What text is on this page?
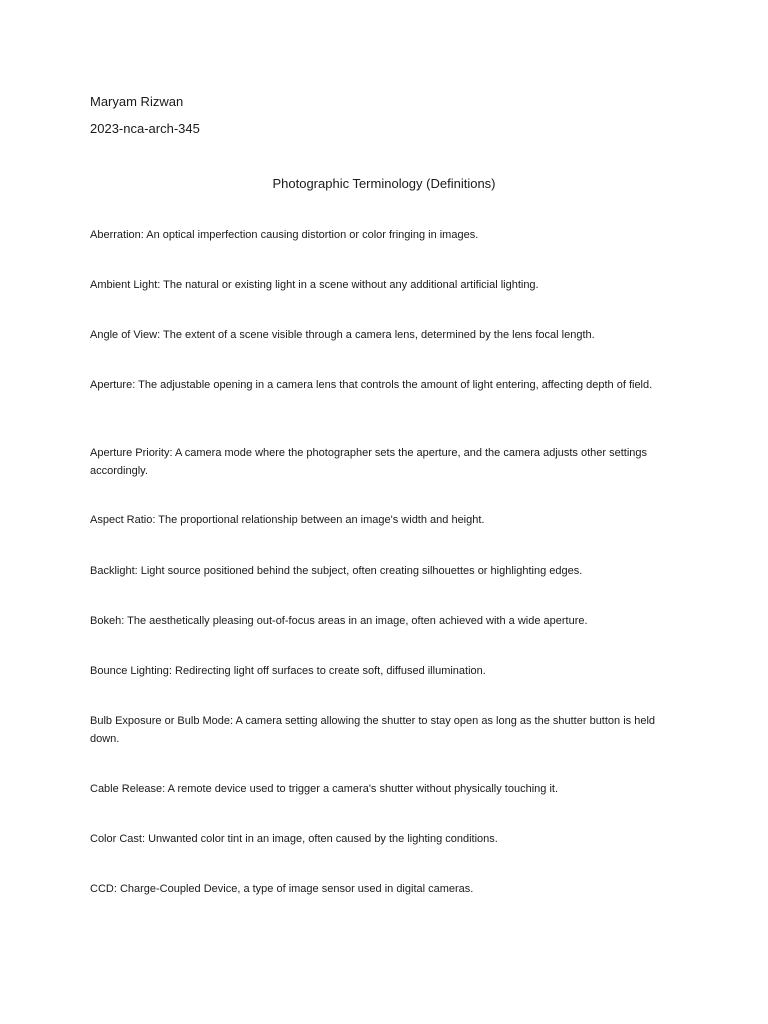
Maryam Rizwan
2023-nca-arch-345
Photographic Terminology (Definitions)
Aberration: An optical imperfection causing distortion or color fringing in images.
Ambient Light: The natural or existing light in a scene without any additional artificial lighting.
Angle of View: The extent of a scene visible through a camera lens, determined by the lens focal length.
Aperture: The adjustable opening in a camera lens that controls the amount of light entering, affecting depth of field.
Aperture Priority: A camera mode where the photographer sets the aperture, and the camera adjusts other settings accordingly.
Aspect Ratio: The proportional relationship between an image's width and height.
Backlight: Light source positioned behind the subject, often creating silhouettes or highlighting edges.
Bokeh: The aesthetically pleasing out-of-focus areas in an image, often achieved with a wide aperture.
Bounce Lighting: Redirecting light off surfaces to create soft, diffused illumination.
Bulb Exposure or Bulb Mode: A camera setting allowing the shutter to stay open as long as the shutter button is held down.
Cable Release: A remote device used to trigger a camera's shutter without physically touching it.
Color Cast: Unwanted color tint in an image, often caused by the lighting conditions.
CCD: Charge-Coupled Device, a type of image sensor used in digital cameras.
